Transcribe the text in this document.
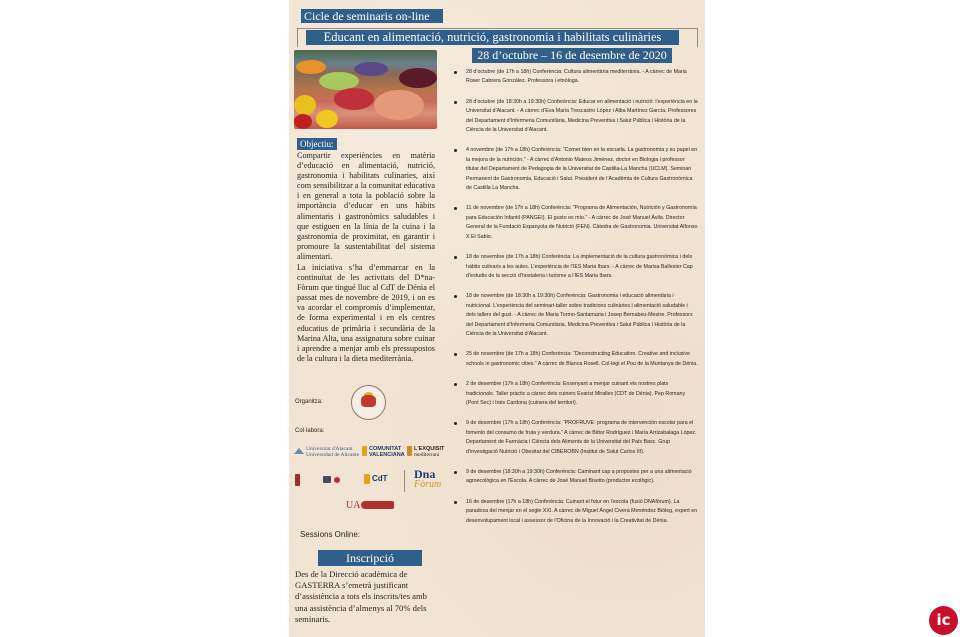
Cicle de seminaris on-line
Educant en alimentació, nutrició, gastronomia i habilitats culinàries
28 d’octubre – 16 de desembre de 2020
Objectiu:
Compartir experiències en matèria d’educació en alimentació, nutrició, gastronomia i habilitats culinaries, així com sensibilitzar a la comunitat educativa i en general a tota la població sobre la importància d’educar en uns hàbits alimentaris i gastronòmics saludables i que estiguen en la línia de la cuina i la gastronomia de proximitat, en garantir i promoure la sustentabilitat del sistema alimentari.
La iniciativa s’ha d’emmarcar en la continuïtat de les activitats del D*na-Fòrum que tingué lloc al CdT de Dénia el passat mes de novembre de 2019, i on es va acordar el compromís d’implementar, de forma experimental i en els centres educatius de primària i secundària de la Marina Alta, una assignatura sobre cuinar i aprendre a menjar amb els pressupostos de la cultura i la dieta mediterrània.
Organitza:
Col·labora:
Universitat d'Alacant
Universidad de Alicante
COMUNITAT
VALENCIANA
L'EXQUISIT
mediterrani
CdT Dna
Fòrum
UA
Sessions Online:
Inscripció
Des de la Direcció acadèmica de GASTERRA s’emetrà justificant d’assistència a tots els inscrits/tes amb una assistència d’almenys al 70% dels seminaris.
28 d’octubre (de 17h a 18h) Conferència: Cultura alimentària mediterrània. - A càrrec de Maria Roser Cabrera González. Professora i etnòloga.
28 d’octubre (de 18:30h a 19:30h) Conferència: Educar en alimentació i nutrició: l’experiència en la Universitat d’Alacant. - A càrrec d’Eva Maria Trescastro López i Alba Martínez García. Professores del Departament d’Infermeria Comunitària, Medicina Preventiva i Salut Pública i Història de la Ciència de la Universitat d’Alacant.
4 novembre (de 17h a 18h) Conferència: “Comer bien en la escuela. La gastronomia y su papel en la mejora de la nutrición.” - A càrrec d’Antonio Mateos Jiménez, doctor en Biologia i professor titular del Departament de Pedagogia de la Universitat de Castilla-La Mancha (UCLM). Seminari Permanent de Gastronomia, Educació i Salut. President de l’Acadèmia de Cultura Gastronòmica de Castilla La Mancha.
11 de novembre (de 17h a 18h) Conferència: “Programa de Alimentación, Nutrición y Gastronomía para Educación Infantil (PANGEI). El gusto es mío.” - A càrrec de José Manuel Ávila. Director General de la Fundació Espanyola de Nutrició (FEN). Càtedra de Gastronomia. Universitat Alfonso X El Sabio.
18 de novembre (de 17h a 18h) Conferència: La implementació de la cultura gastronòmica i dels hàbits culinaris a les aules. L’experiència de l’IES Maria Ibars. - A càrrec de Marisa Ballester Cap d’estudis de la secció d’hostaleria i turisme a l’IES Maria Ibars.
18 de novembre (de 18:30h a 19:30h) Conferència: Gastronomia i educació alimentària i nutricional. L’experiència del seminari-taller sobre tradicions culinàries i alimentació saludable i dels tallers del gust. - A càrrec de Maria Tormo-Santamaria i Josep Bernabeu-Mestre. Professors del Departament d’Infermeria Comunitària, Medicina Preventiva i Salut Pública i Història de la Ciència de la Universitat d’Alacant.
25 de novembre (de 17h a 18h) Conferència: “Deconstructing Education. Creative and inclusive schools in gastronomic cities.” A càrrec de Blanca Rosell. Col·legi el Pou de la Muntanya de Dénia.
2 de desembre (17h a 18h) Conferència: Ensenyant a menjar cuinant els nostres plats tradicionals. Taller pràctic a càrrec dels cuiners Evarist Miralles (CDT de Dénia), Pep Romany (Pont Sec) i Inés Cardona (cuinera del territori).
9 de desembre (17h a 18h) Conferència: “PROFRUVE: programa de intervención escolar para el fomento del consumo de fruta y verdura.” A càrrec de Bittor Rodríguez i María Arrizabalaga López. Departament de Farmàcia i Ciència dels Aliments de la Universitat del País Basc. Grup d’investigació Nutrició i Obesitat del CIBEROBN (Institut de Salut Carlos III).
9 de desembre (18:30h a 19:30h) Conferència: Caminant cap a propostes per a una alimentació agroecològica en l’Escola. A càrrec de José Manuel Bisetto (productor ecològic).
16 de desembre (17h a 18h) Conferència: Cuinant el futur en l’escola (fusió DNAfòrum). La paradoxa del menjar en el segle XXI. A càrrec de Miguel Ángel Civera Menéndez Biòleg, expert en desenvolupament local i assessor de l’Oficina de la Innovació i la Creativitat de Dénia.
ic
